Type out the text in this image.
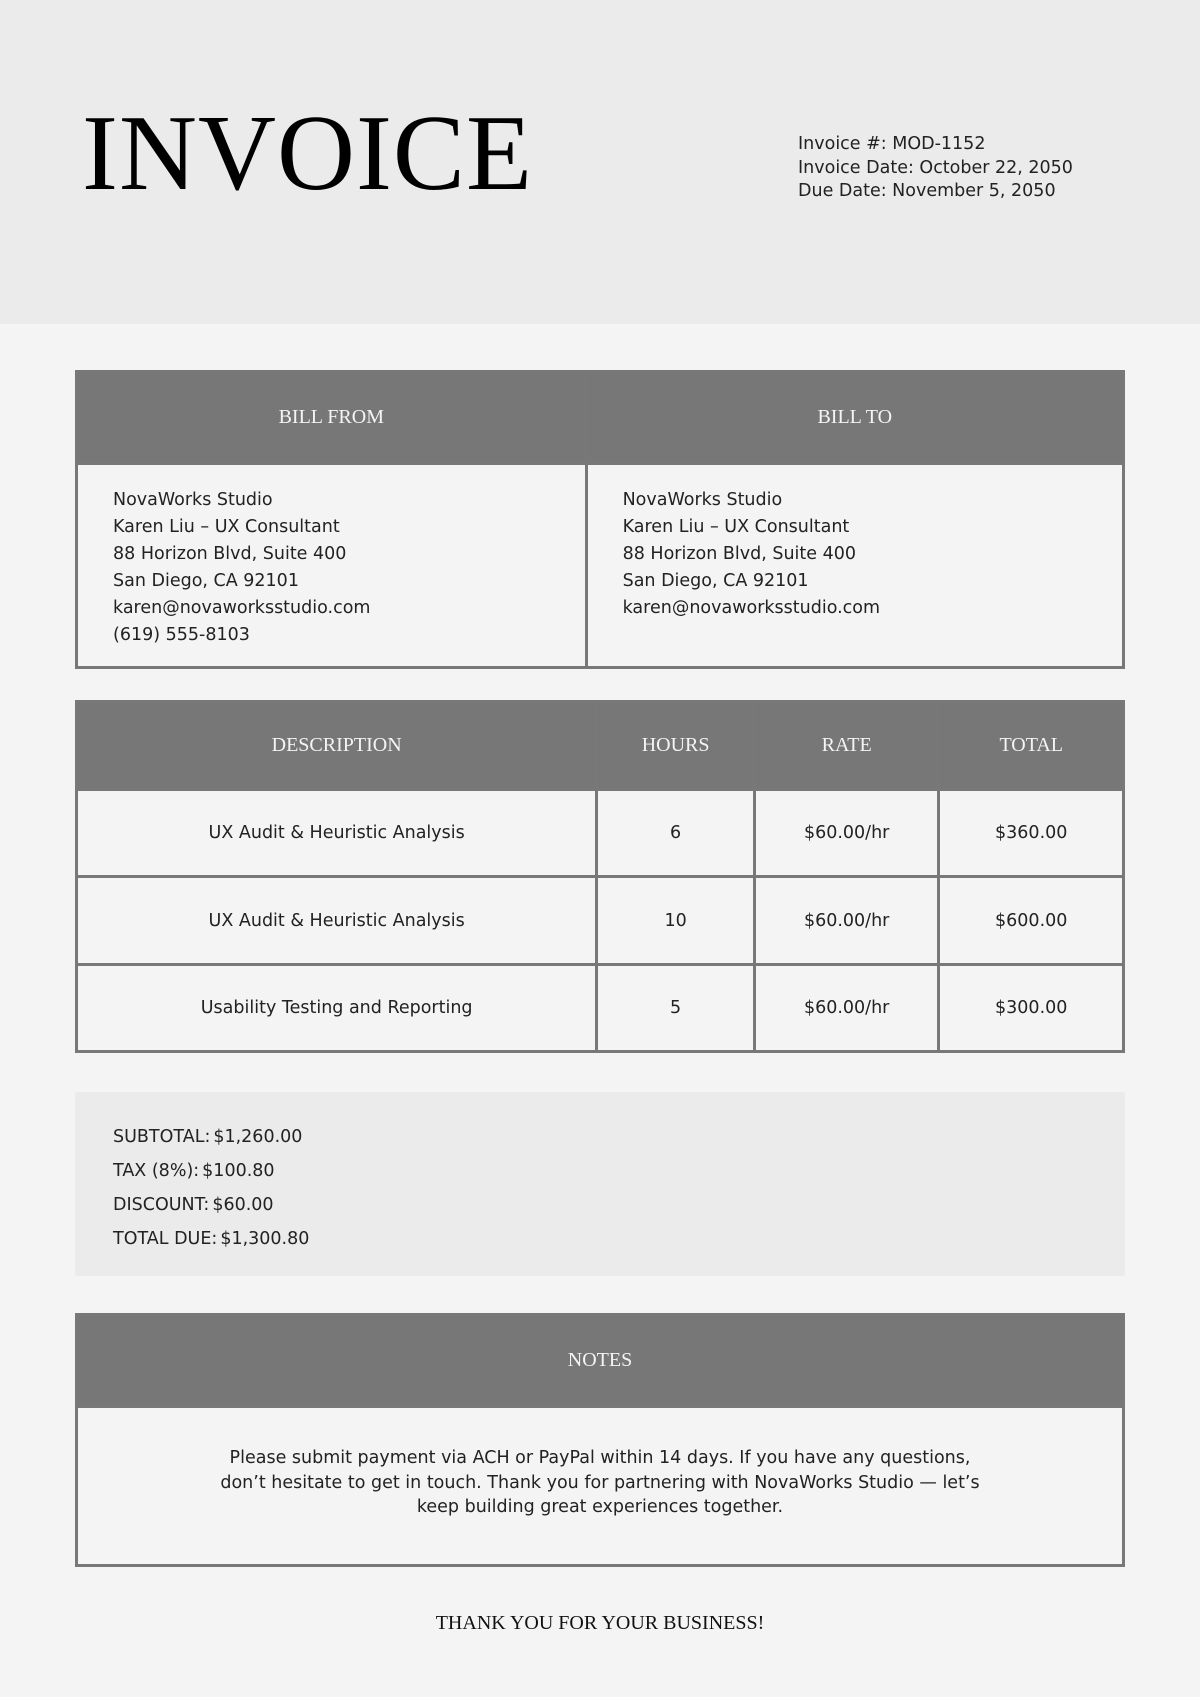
INVOICE	Invoice #: MOD-1152
Invoice Date: October 22, 2050
Due Date: November 5, 2050
BILL FROM	BILL TO

NovaWorks Studio
Karen Liu – UX Consultant
88 Horizon Blvd, Suite 400
San Diego, CA 92101
karen@novaworksstudio.com
(619) 555-8103

NovaWorks Studio
Karen Liu – UX Consultant
88 Horizon Blvd, Suite 400
San Diego, CA 92101
karen@novaworksstudio.com
DESCRIPTION	HOURS	RATE	TOTAL
UX Audit & Heuristic Analysis	6	$60.00/hr	$360.00
UX Audit & Heuristic Analysis	10	$60.00/hr	$600.00
Usability Testing and Reporting	5	$60.00/hr	$300.00
SUBTOTAL: $1,260.00
TAX (8%): $100.80
DISCOUNT: $60.00
TOTAL DUE: $1,300.80
NOTES
Please submit payment via ACH or PayPal within 14 days. If you have any questions, don’t hesitate to get in touch. Thank you for partnering with NovaWorks Studio — let’s keep building great experiences together.
THANK YOU FOR YOUR BUSINESS!
